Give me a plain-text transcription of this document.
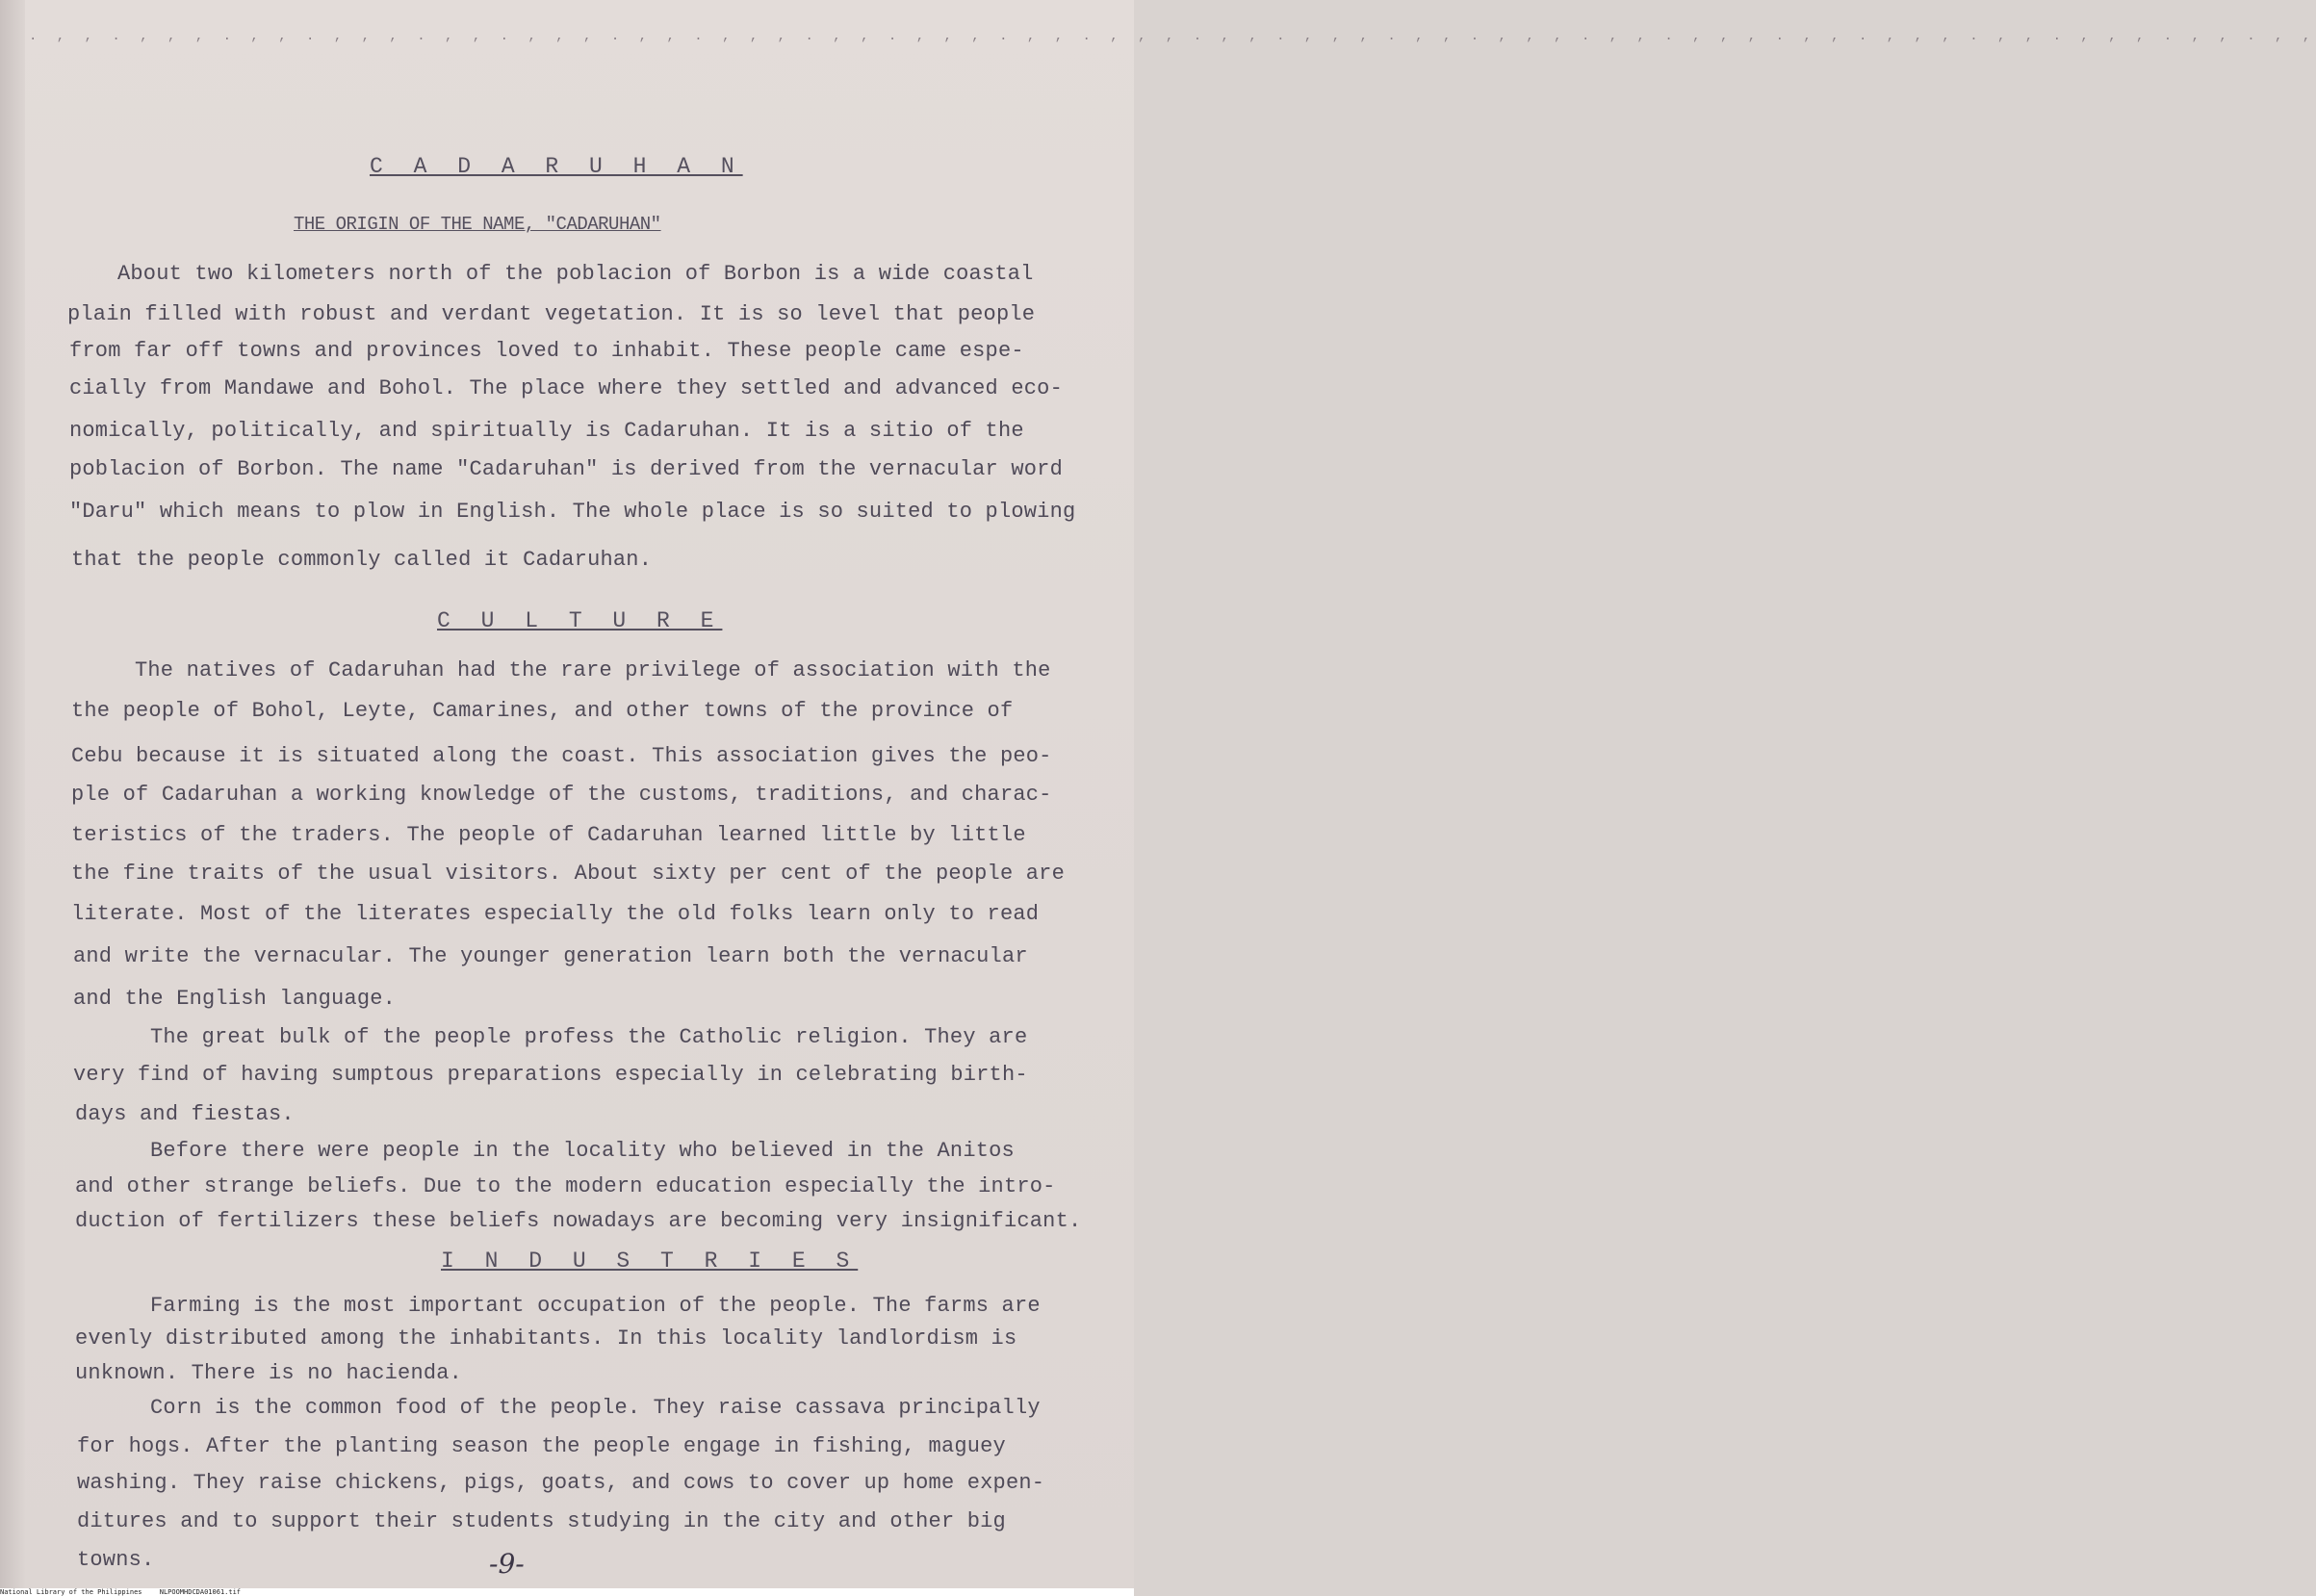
. , , . , , , . , , . , , , . , , . , , , . , , . , , , . , , . , , , . , , . , , , . , , . , , , . , , . , , , . , , . , , , . , , . , , , . , , . , , , . , , . , ,
C A D A R U H A N
THE ORIGIN OF THE NAME, "CADARUHAN"
About two kilometers north of the poblacion of Borbon is a wide coastal
plain filled with robust and verdant vegetation. It is so level that people
from far off towns and provinces loved to inhabit. These people came espe-
cially from Mandawe and Bohol. The place where they settled and advanced eco-
nomically, politically, and spiritually is Cadaruhan. It is a sitio of the
poblacion of Borbon. The name "Cadaruhan" is derived from the vernacular word
"Daru" which means to plow in English. The whole place is so suited to plowing
that the people commonly called it Cadaruhan.
C U L T U R E
The natives of Cadaruhan had the rare privilege of association with the
the people of Bohol, Leyte, Camarines, and other towns of the province of
Cebu because it is situated along the coast. This association gives the peo-
ple of Cadaruhan a working knowledge of the customs, traditions, and charac-
teristics of the traders. The people of Cadaruhan learned little by little
the fine traits of the usual visitors. About sixty per cent of the people are
literate. Most of the literates especially the old folks learn only to read
and write the vernacular. The younger generation learn both the vernacular
and the English language.
The great bulk of the people profess the Catholic religion. They are
very find of having sumptous preparations especially in celebrating birth-
days and fiestas.
Before there were people in the locality who believed in the Anitos
and other strange beliefs. Due to the modern education especially the intro-
duction of fertilizers these beliefs nowadays are becoming very insignificant.
I N D U S T R I E S
Farming is the most important occupation of the people. The farms are
evenly distributed among the inhabitants. In this locality landlordism is
unknown. There is no hacienda.
Corn is the common food of the people. They raise cassava principally
for hogs. After the planting season the people engage in fishing, maguey
washing. They raise chickens, pigs, goats, and cows to cover up home expen-
ditures and to support their students studying in the city and other big
towns.	-9-
National Library of the Philippines	NLPOOMHDCDA01061.tif
